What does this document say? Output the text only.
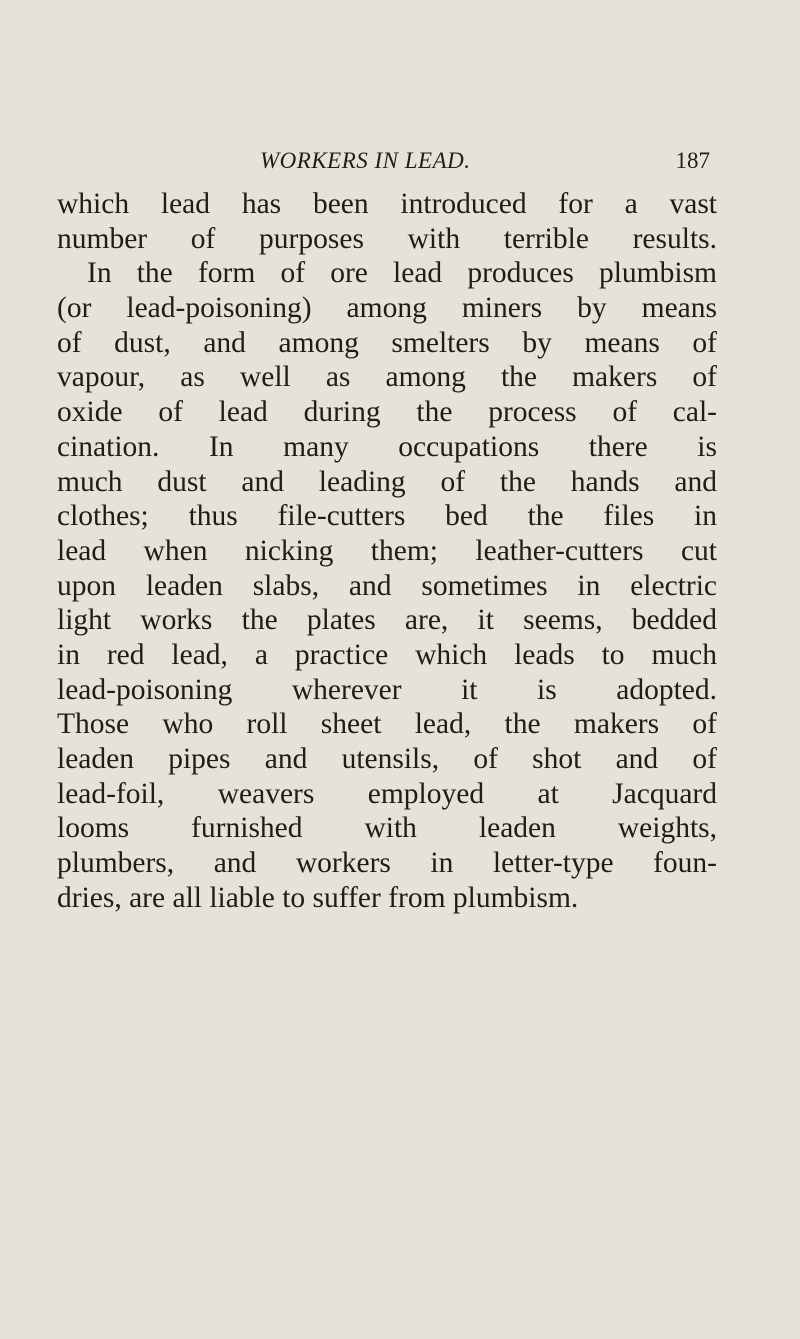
WORKERS IN LEAD.	187
which lead has been introduced for a vast
number of purposes with terrible results.
In the form of ore lead produces plumbism
(or lead-poisoning) among miners by means
of dust, and among smelters by means of
vapour, as well as among the makers of
oxide of lead during the process of cal-
cination. In many occupations there is
much dust and leading of the hands and
clothes; thus file-cutters bed the files in
lead when nicking them; leather-cutters cut
upon leaden slabs, and sometimes in electric
light works the plates are, it seems, bedded
in red lead, a practice which leads to much
lead-poisoning wherever it is adopted.
Those who roll sheet lead, the makers of
leaden pipes and utensils, of shot and of
lead-foil, weavers employed at Jacquard
looms furnished with leaden weights,
plumbers, and workers in letter-type foun-
dries, are all liable to suffer from plumbism.
